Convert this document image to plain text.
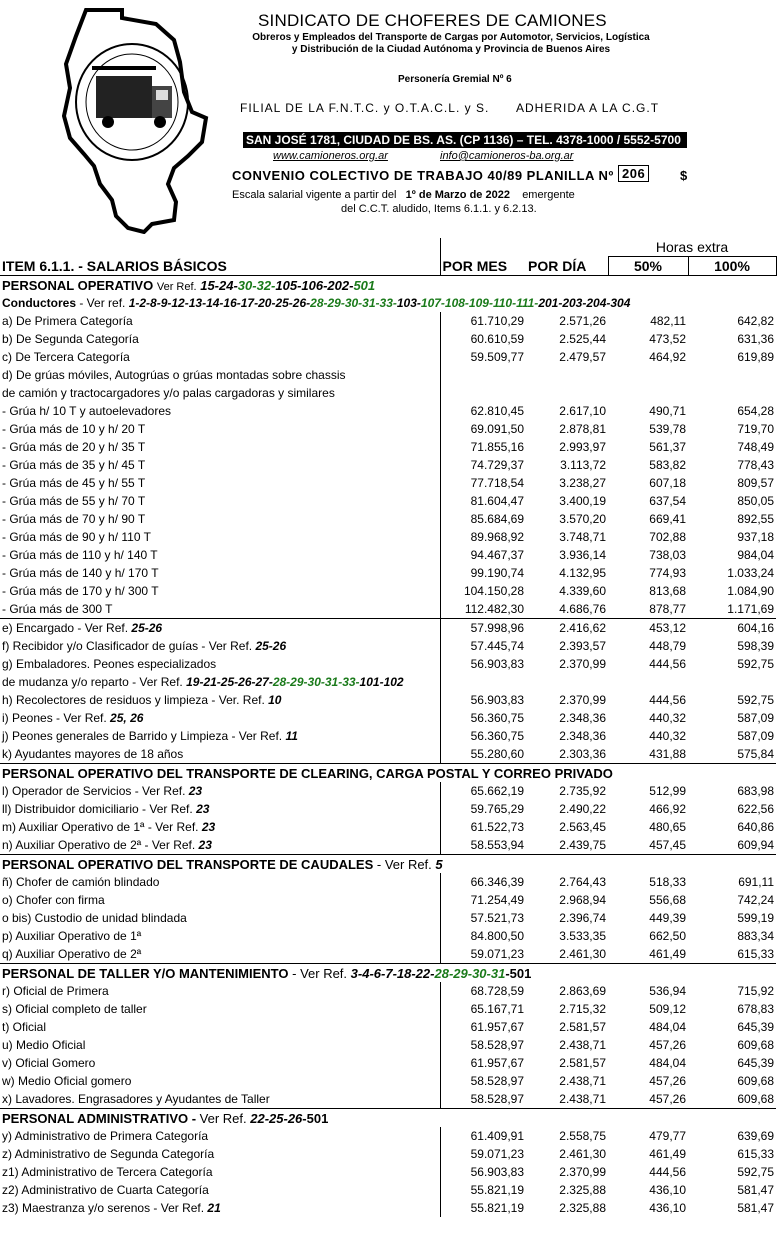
SINDICATO DE CHOFERES DE CAMIONES
Obreros y Empleados del Transporte de Cargas por Automotor, Servicios, Logística
y Distribución de la Ciudad Autónoma y Provincia de Buenos Aires
Personería Gremial Nº 6
FILIAL DE LA F.N.T.C. y O.T.A.C.L. y S. ADHERIDA A LA C.G.T
SAN JOSÉ 1781, CIUDAD DE BS. AS. (CP 1136) – TEL. 4378-1000 / 5552-5700
www.camioneros.org.ar	info@camioneros-ba.org.ar
CONVENIO COLECTIVO DE TRABAJO 40/89 PLANILLA Nº 206	$
Escala salarial vigente a partir del 1º de Marzo de 2022 emergente
del C.C.T. aludido, Items 6.1.1. y 6.2.13.
			Horas extra	
ITEM 6.1.1. - SALARIOS BÁSICOS	POR MES	POR DÍA	50%	100%
PERSONAL OPERATIVO Ver Ref. 15-24-30-32-105-106-202-501				
Conductores - Ver ref. 1-2-8-9-12-13-14-16-17-20-25-26-28-29-30-31-33-103-107-108-109-110-111-201-203-204-304				
a) De Primera Categoría	61.710,29	2.571,26	482,11	642,82
b) De Segunda Categoría	60.610,59	2.525,44	473,52	631,36
c) De Tercera Categoría	59.509,77	2.479,57	464,92	619,89
d) De grúas móviles, Autogrúas o grúas montadas sobre chassis				
de camión y tractocargadores y/o palas cargadoras y similares				
- Grúa h/ 10 T y autoelevadores	62.810,45	2.617,10	490,71	654,28
- Grúa más de 10 y h/ 20 T	69.091,50	2.878,81	539,78	719,70
- Grúa más de 20 y h/ 35 T	71.855,16	2.993,97	561,37	748,49
- Grúa más de 35 y h/ 45 T	74.729,37	3.113,72	583,82	778,43
- Grúa más de 45 y h/ 55 T	77.718,54	3.238,27	607,18	809,57
- Grúa más de 55 y h/ 70 T	81.604,47	3.400,19	637,54	850,05
- Grúa más de 70 y h/ 90 T	85.684,69	3.570,20	669,41	892,55
- Grúa más de 90 y h/ 110 T	89.968,92	3.748,71	702,88	937,18
- Grúa más de 110 y h/ 140 T	94.467,37	3.936,14	738,03	984,04
- Grúa más de 140 y h/ 170 T	99.190,74	4.132,95	774,93	1.033,24
- Grúa más de 170 y h/ 300 T	104.150,28	4.339,60	813,68	1.084,90
- Grúa más de 300 T	112.482,30	4.686,76	878,77	1.171,69
e) Encargado - Ver Ref. 25-26	57.998,96	2.416,62	453,12	604,16
f) Recibidor y/o Clasificador de guías - Ver Ref. 25-26	57.445,74	2.393,57	448,79	598,39
g) Embaladores. Peones especializados	56.903,83	2.370,99	444,56	592,75
de mudanza y/o reparto - Ver Ref. 19-21-25-26-27-28-29-30-31-33-101-102				
h) Recolectores de residuos y limpieza - Ver. Ref. 10	56.903,83	2.370,99	444,56	592,75
i) Peones - Ver Ref. 25, 26	56.360,75	2.348,36	440,32	587,09
j) Peones generales de Barrido y Limpieza - Ver Ref. 11	56.360,75	2.348,36	440,32	587,09
k) Ayudantes mayores de 18 años	55.280,60	2.303,36	431,88	575,84
PERSONAL OPERATIVO DEL TRANSPORTE DE CLEARING, CARGA POSTAL Y CORREO PRIVADO				
l) Operador de Servicios - Ver Ref. 23	65.662,19	2.735,92	512,99	683,98
ll) Distribuidor domiciliario - Ver Ref. 23	59.765,29	2.490,22	466,92	622,56
m) Auxiliar Operativo de 1ª - Ver Ref. 23	61.522,73	2.563,45	480,65	640,86
n) Auxiliar Operativo de 2ª - Ver Ref. 23	58.553,94	2.439,75	457,45	609,94
PERSONAL OPERATIVO DEL TRANSPORTE DE CAUDALES - Ver Ref. 5				
ñ) Chofer de camión blindado	66.346,39	2.764,43	518,33	691,11
o) Chofer con firma	71.254,49	2.968,94	556,68	742,24
o bis) Custodio de unidad blindada	57.521,73	2.396,74	449,39	599,19
p) Auxiliar Operativo de 1ª	84.800,50	3.533,35	662,50	883,34
q) Auxiliar Operativo de 2ª	59.071,23	2.461,30	461,49	615,33
PERSONAL DE TALLER Y/O MANTENIMIENTO - Ver Ref. 3-4-6-7-18-22-28-29-30-31-501				
r) Oficial de Primera	68.728,59	2.863,69	536,94	715,92
s) Oficial completo de taller	65.167,71	2.715,32	509,12	678,83
t) Oficial	61.957,67	2.581,57	484,04	645,39
u) Medio Oficial	58.528,97	2.438,71	457,26	609,68
v) Oficial Gomero	61.957,67	2.581,57	484,04	645,39
w) Medio Oficial gomero	58.528,97	2.438,71	457,26	609,68
x) Lavadores. Engrasadores y Ayudantes de Taller	58.528,97	2.438,71	457,26	609,68
PERSONAL ADMINISTRATIVO - Ver Ref. 22-25-26-501				
y) Administrativo de Primera Categoría	61.409,91	2.558,75	479,77	639,69
z) Administrativo de Segunda Categoría	59.071,23	2.461,30	461,49	615,33
z1) Administrativo de Tercera Categoría	56.903,83	2.370,99	444,56	592,75
z2) Administrativo de Cuarta Categoría	55.821,19	2.325,88	436,10	581,47
z3) Maestranza y/o serenos - Ver Ref. 21	55.821,19	2.325,88	436,10	581,47
